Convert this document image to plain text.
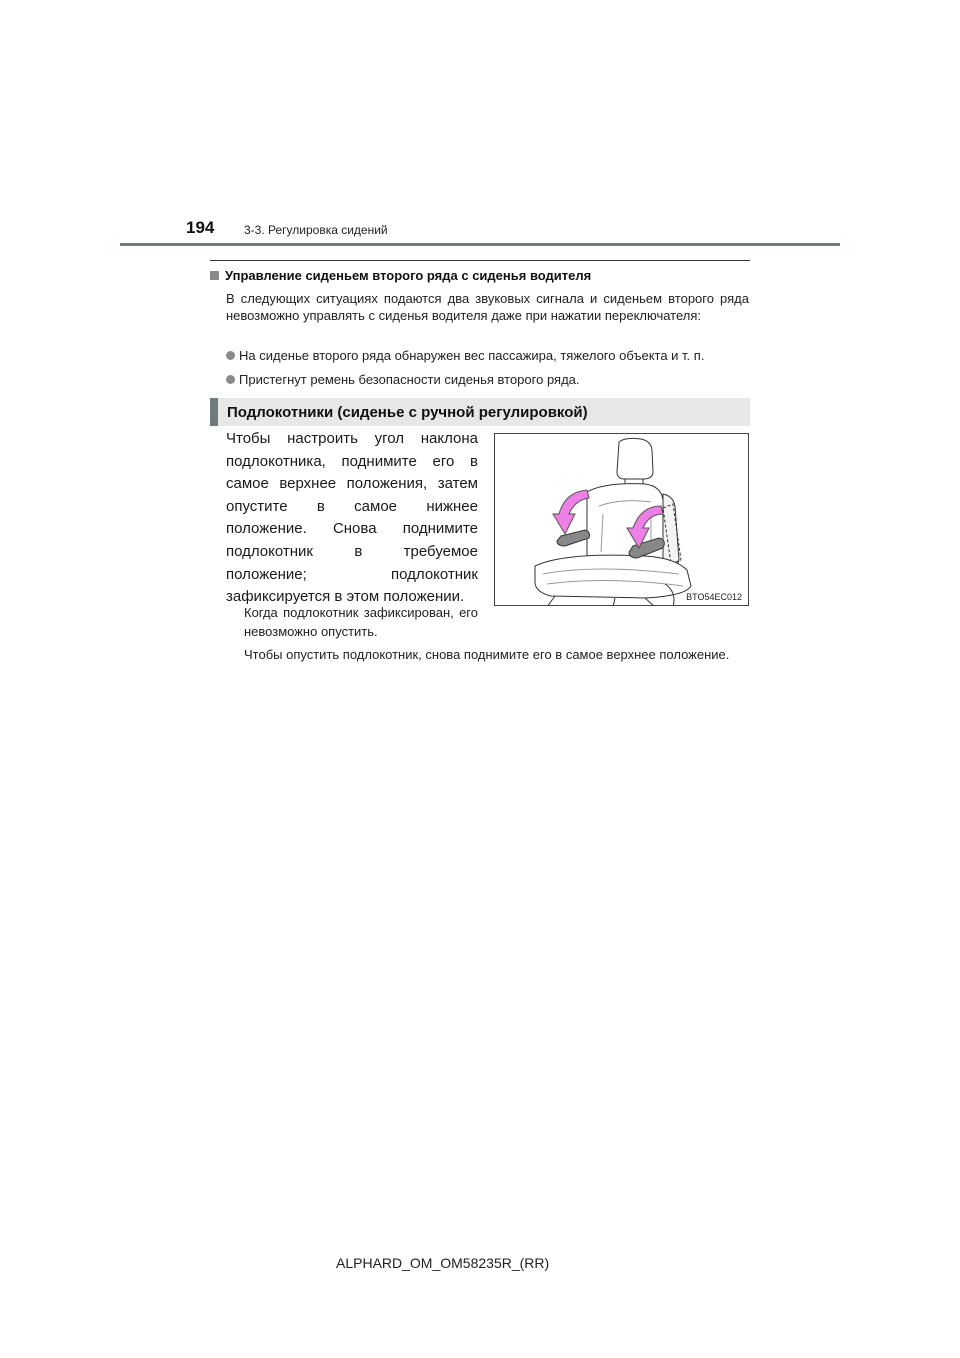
194 3-3. Регулировка сидений
Управление сиденьем второго ряда с сиденья водителя
В следующих ситуациях подаются два звуковых сигнала и сиденьем второго ряда невозможно управлять с сиденья водителя даже при нажатии переключателя:
На сиденье второго ряда обнаружен вес пассажира, тяжелого объекта и т. п.
Пристегнут ремень безопасности сиденья второго ряда.
Подлокотники (сиденье с ручной регулировкой)
Чтобы настроить угол наклона подлокотника, поднимите его в самое верхнее положения, затем опустите в самое нижнее положение. Снова поднимите подлокотник в требуемое положение; подлокотник зафиксируется в этом положении.	BTO54EC012
Когда подлокотник зафиксирован, его невозможно опустить.
Чтобы опустить подлокотник, снова поднимите его в самое верхнее положение.
ALPHARD_OM_OM58235R_(RR)
